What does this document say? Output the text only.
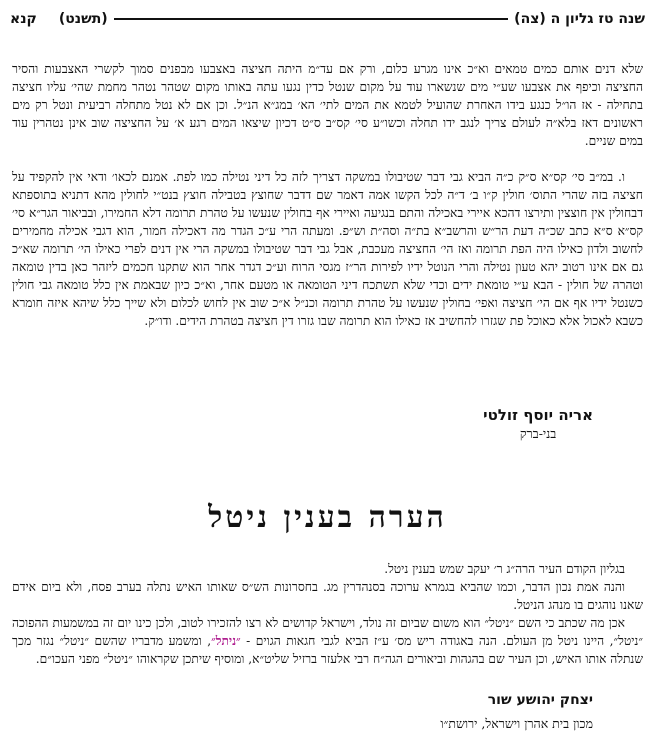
שנה טז גליון ה (צה)
(תשנט)
קנא

שלא דנים אותם כמים טמאים וא״כ אינו מגרע כלום, ורק אם עד״מ היתה חציצה באצבעו מבפנים סמוך לקשרי האצבעות והסיר החציצה וכיפף את אצבעו שע״י מים שנשארו עוד על מקום שנטל כדין נגעו עתה באותו מקום שטהר נטהר מחמת שהי׳ עליו חציצה בתחילה - אז הו״ל כנגע בידו האחרת שהועיל לטמא את המים לתי׳ הא׳ במג״א הנ״ל. וכן אם לא נטל מתחלה רביעית ונטל רק מים ראשונים דאז בלא״ה לעולם צריך לנגב ידו תחלה וכשו״ע סי׳ קס״ב ס״ט דכיון שיצאו המים רגע א׳ על החציצה שוב אינן נטהרין עוד במים שניים.

ו. במ״ב סי׳ קס״א ס״ק כ״ה הביא גבי דבר שטיבולו במשקה דצריך לזה כל דיני נטילה כמו לפת. אמנם לכאו׳ ודאי אין להקפיד על חציצה בזה שהרי התוס׳ חולין ק״ו ב׳ ד״ה לכל הקשו אמה דאמר שם דדבר שחוצץ בטבילה חוצץ בנט״י לחולין מהא דתניא בתוספתא דבחולין אין חוצצין ותירצו דהכא איירי באכילה והתם בנגיעה ואיירי אף בחולין שנעשו על טהרת תרומה דלא החמירו, ובביאור הגר״א סי׳ קס״א ס״א כתב שכ״ה דעת הר״ש והרשב״א בת״ה וסה״ת וש״פ. ומעתה הרי ע״כ הגדר מה דאכילה חמור, הוא דגבי אכילה מחמירים לחשוב ולדון כאילו היה הפת תרומה ואז הי׳ החציצה מעכבת, אבל גבי דבר שטיבולו במשקה הרי אין דנים לפרי כאילו הי׳ תרומה שא״כ גם אם אינו רטוב יהא טעון נטילה והרי הנוטל ידיו לפירות הר״ז מגסי הרוח וע״כ דגדר אחר הוא שתקנו חכמים ליזהר כאן בדין טומאה וטהרה של חולין - הבא ע״י טומאת ידים וכדי שלא תשתכח דיני הטומאה או מטעם אחר, וא״כ כיון שבאמת אין כלל טומאה גבי חולין כשנטל ידיו אף אם הי׳ חציצה ואפי׳ בחולין שנעשו על טהרת תרומה וכנ״ל א״כ שוב אין לחוש לכלום ולא שייך כלל שיהא איזה חומרא כשבא לאכול אלא כאוכל פת שגזרו להחשיב אז כאילו הוא תרומה שבו גזרו דין חציצה בטהרת הידים. ודו״ק.

אריה יוסף זולטי
בני-ברק
הערה בענין ניטל

בגליון הקודם העיר הרה״ג ר׳ יעקב שמש בענין ניטל.

והנה אמת נכון הדבר, וכמו שהביא בגמרא ערוכה בסנהדרין מג. בחסרונות הש״ס שאותו האיש נתלה בערב פסח, ולא ביום אידם שאנו נוהגים בו מנהג הניטל.

אכן מה שכתב כי השם ״ניטל״ הוא משום שביום זה נולד, וישראל קדושים לא רצו להזכירו לטוב, ולכן כינו יום זה במשמעות ההפוכה ״ניטל״, היינו ניטל מן העולם. הנה באגודה ריש מס׳ ע״ז הביא לגבי חגאות הגוים - ״ניתל״, ומשמע מדבריו שהשם ״ניטל״ נגזר מכך שנתלה אותו האיש, וכן העיר שם בהגהות וביאורים הגה״ח רבי אלעזר ברזיל שליט״א, ומוסיף שיתכן שקראוהו ״ניטל״ מפני העכו״ם.

יצחק יהושע שור
מכון בית אהרן וישראל, ירושת״ו
